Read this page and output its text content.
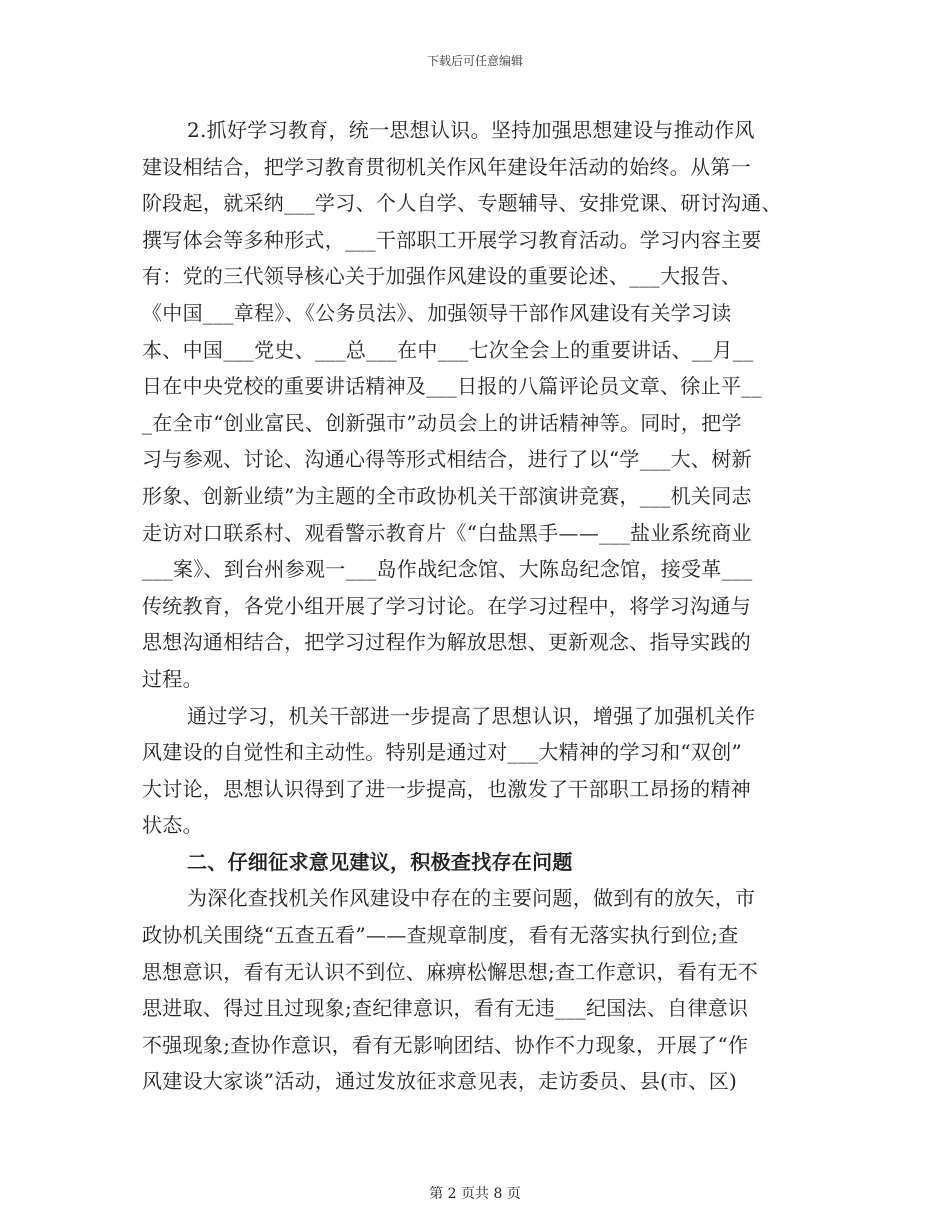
下载后可任意编辑
2.抓好学习教育，统一思想认识。坚持加强思想建设与推动作风
建设相结合，把学习教育贯彻机关作风年建设年活动的始终。从第一
阶段起，就采纳___学习、个人自学、专题辅导、安排党课、研讨沟通、
撰写体会等多种形式，___干部职工开展学习教育活动。学习内容主要
有：党的三代领导核心关于加强作风建设的重要论述、___大报告、
《中国___章程》、《公务员法》、加强领导干部作风建设有关学习读
本、中国___党史、___总___在中___七次全会上的重要讲话、__月__
日在中央党校的重要讲话精神及___日报的八篇评论员文章、徐止平__
_在全市“创业富民、创新强市”动员会上的讲话精神等。同时，把学
习与参观、讨论、沟通心得等形式相结合，进行了以“学___大、树新
形象、创新业绩”为主题的全市政协机关干部演讲竞赛，___机关同志
走访对口联系村、观看警示教育片《“白盐黑手——___盐业系统商业
___案》、到台州参观一___岛作战纪念馆、大陈岛纪念馆，接受革___
传统教育，各党小组开展了学习讨论。在学习过程中，将学习沟通与
思想沟通相结合，把学习过程作为解放思想、更新观念、指导实践的
过程。
通过学习，机关干部进一步提高了思想认识，增强了加强机关作
风建设的自觉性和主动性。特别是通过对___大精神的学习和“双创”
大讨论，思想认识得到了进一步提高，也激发了干部职工昂扬的精神
状态。
二、仔细征求意见建议，积极查找存在问题
为深化查找机关作风建设中存在的主要问题，做到有的放矢，市
政协机关围绕“五查五看”——查规章制度，看有无落实执行到位;查
思想意识，看有无认识不到位、麻痹松懈思想;查工作意识，看有无不
思进取、得过且过现象;查纪律意识，看有无违___纪国法、自律意识
不强现象;查协作意识，看有无影响团结、协作不力现象，开展了“作
风建设大家谈”活动，通过发放征求意见表，走访委员、县(市、区)
第 2 页共 8 页
